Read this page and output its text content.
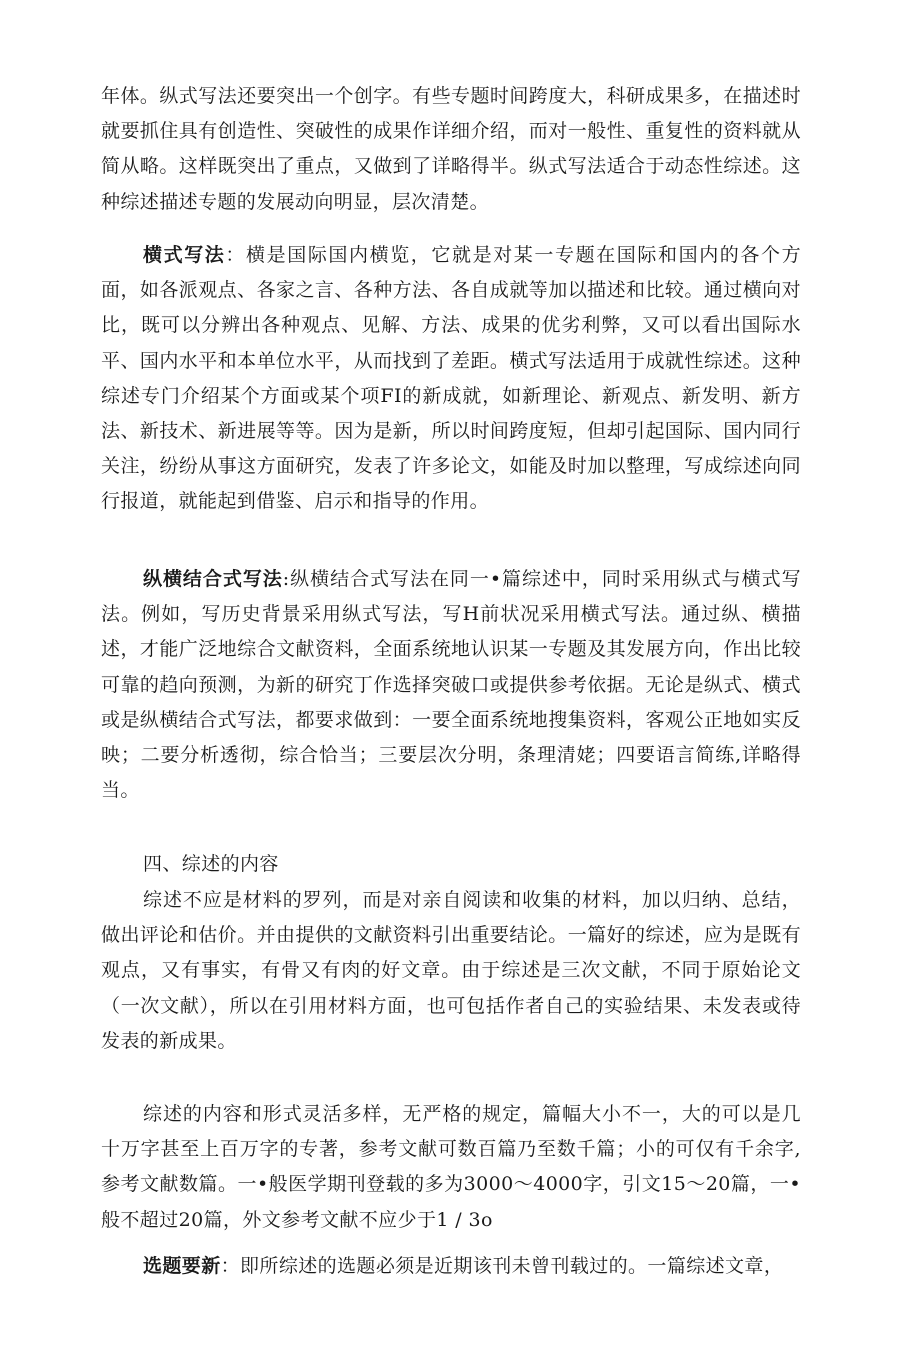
年体。纵式写法还要突出一个创字。有些专题时间跨度大，科研成果多，在描述时就要抓住具有创造性、突破性的成果作详细介绍，而对一般性、重复性的资料就从简从略。这样既突出了重点，又做到了详略得半。纵式写法适合于动态性综述。这种综述描述专题的发展动向明显，层次清楚。

横式写法：横是国际国内横览，它就是对某一专题在国际和国内的各个方面，如各派观点、各家之言、各种方法、各自成就等加以描述和比较。通过横向对比，既可以分辨出各种观点、见解、方法、成果的优劣利弊，又可以看出国际水平、国内水平和本单位水平，从而找到了差距。横式写法适用于成就性综述。这种综述专门介绍某个方面或某个项FI的新成就，如新理论、新观点、新发明、新方法、新技术、新进展等等。因为是新，所以时间跨度短，但却引起国际、国内同行关注，纷纷从事这方面研究，发表了许多论文，如能及时加以整理，写成综述向同行报道，就能起到借鉴、启示和指导的作用。

纵横结合式写法:纵横结合式写法在同一•篇综述中，同时采用纵式与横式写法。例如，写历史背景采用纵式写法，写H前状况采用横式写法。通过纵、横描述，才能广泛地综合文献资料，全面系统地认识某一专题及其发展方向，作出比较可靠的趋向预测，为新的研究丁作选择突破口或提供参考依据。无论是纵式、横式或是纵横结合式写法，都要求做到：一要全面系统地搜集资料，客观公正地如实反映；二要分析透彻，综合恰当；三要层次分明，条理清姥；四要语言简练,详略得当。

四、综述的内容

综述不应是材料的罗列，而是对亲自阅读和收集的材料，加以归纳、总结，做出评论和估价。并由提供的文献资料引出重要结论。一篇好的综述，应为是既有观点，又有事实，有骨又有肉的好文章。由于综述是三次文献，不同于原始论文（一次文献），所以在引用材料方面，也可包括作者自己的实验结果、未发表或待发表的新成果。

综述的内容和形式灵活多样，无严格的规定，篇幅大小不一，大的可以是几十万字甚至上百万字的专著，参考文献可数百篇乃至数千篇；小的可仅有千余字,参考文献数篇。一•般医学期刊登载的多为3000〜4000字，引文15〜20篇，一•般不超过20篇，外文参考文献不应少于1 / 3o

选题要新：即所综述的选题必须是近期该刊未曾刊载过的。一篇综述文章，
